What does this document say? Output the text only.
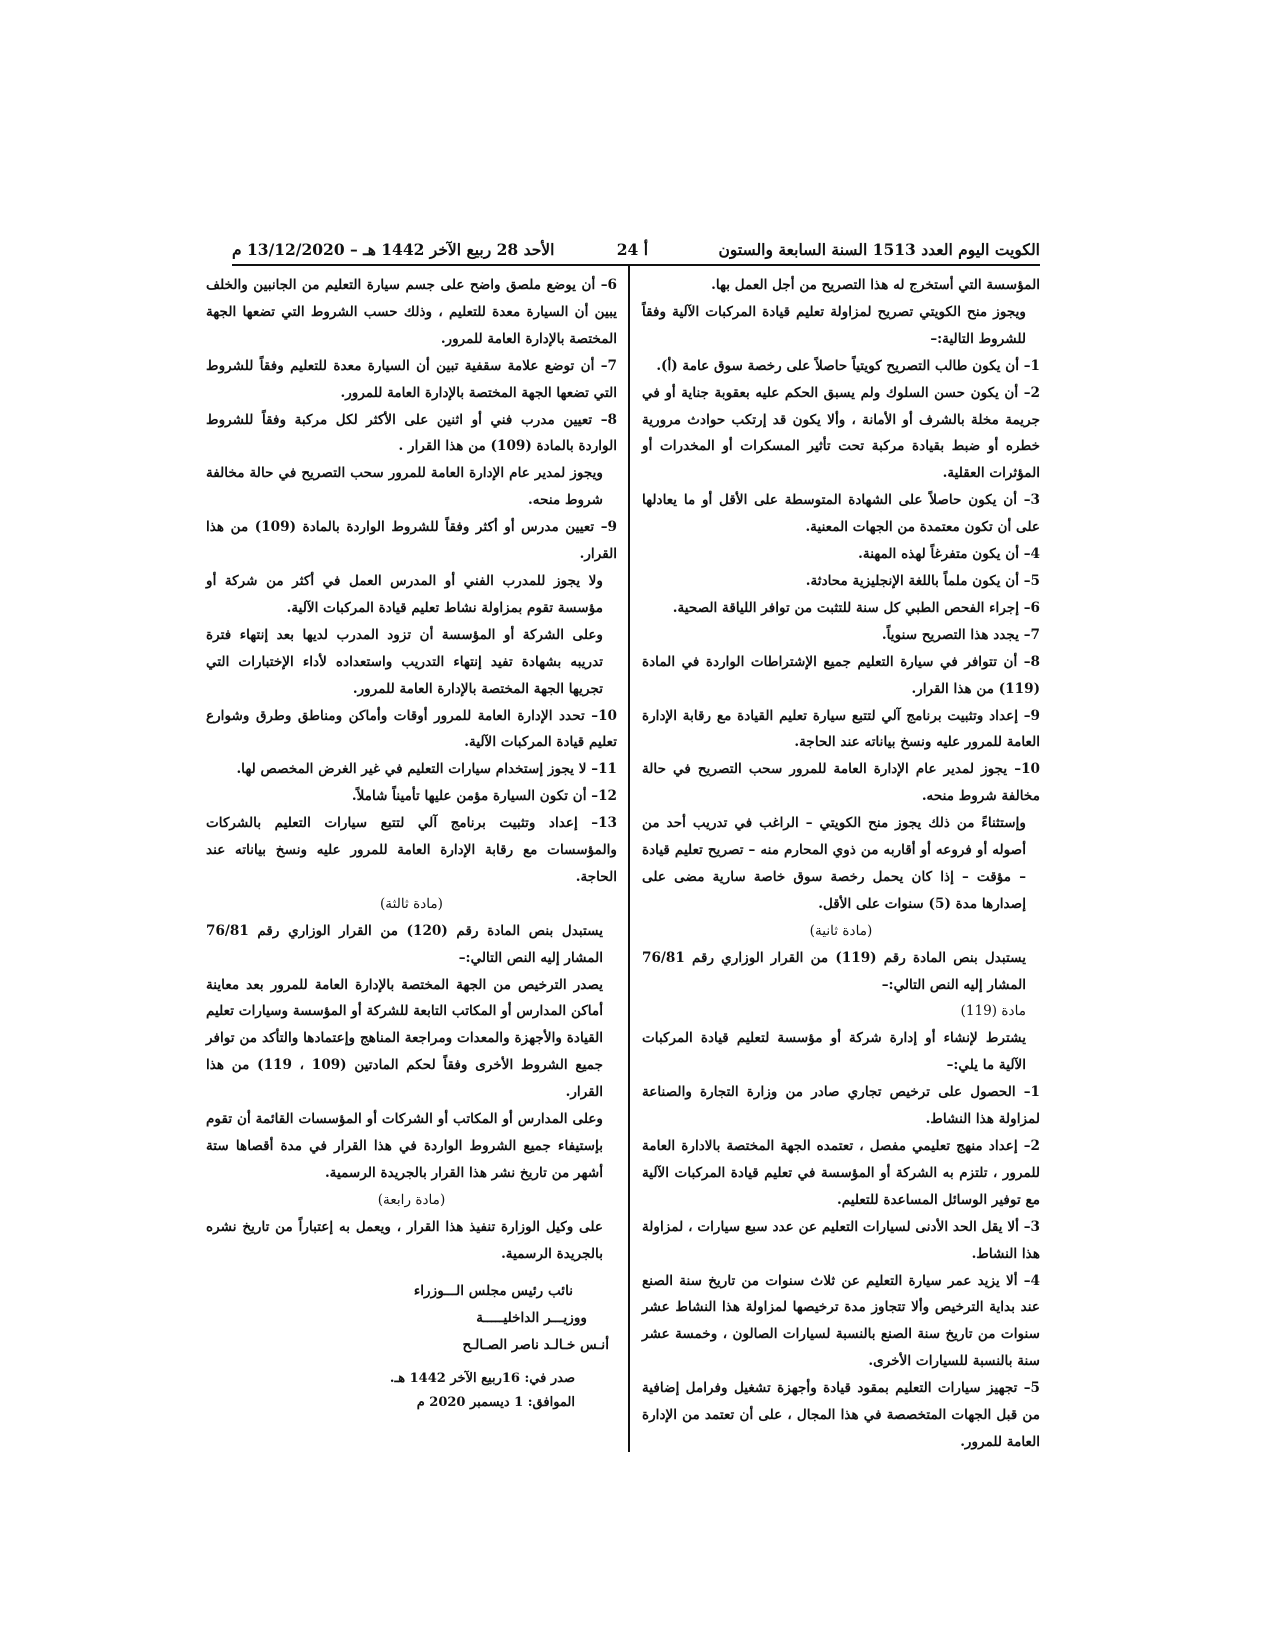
الكويت اليوم العدد 1513 السنة السابعة والستون
أ 24
الأحد 28 ربيع الآخر 1442 هـ – 13/12/2020 م

المؤسسة التي أستخرج له هذا التصريح من أجل العمل بها.

ويجوز منح الكويتي تصريح لمزاولة تعليم قيادة المركبات الآلية وفقاً للشروط التالية:–

1– أن يكون طالب التصريح كويتياً حاصلاً على رخصة سوق عامة (أ).

2– أن يكون حسن السلوك ولم يسبق الحكم عليه بعقوبة جناية أو في جريمة مخلة بالشرف أو الأمانة ، وألا يكون قد إرتكب حوادث مرورية خطره أو ضبط بقيادة مركبة تحت تأثير المسكرات أو المخدرات أو المؤثرات العقلية.

3– أن يكون حاصلاً على الشهادة المتوسطة على الأقل أو ما يعادلها على أن تكون معتمدة من الجهات المعنية.

4– أن يكون متفرغاً لهذه المهنة.

5– أن يكون ملماً باللغة الإنجليزية محادثة.

6– إجراء الفحص الطبي كل سنة للتثبت من توافر اللياقة الصحية.

7– يجدد هذا التصريح سنوياً.

8– أن تتوافر في سيارة التعليم جميع الإشتراطات الواردة في المادة (119) من هذا القرار.

9– إعداد وتثبيت برنامج آلي لتتبع سيارة تعليم القيادة مع رقابة الإدارة العامة للمرور عليه ونسخ بياناته عند الحاجة.

10– يجوز لمدير عام الإدارة العامة للمرور سحب التصريح في حالة مخالفة شروط منحه.

وإستثناءً من ذلك يجوز منح الكويتي – الراغب في تدريب أحد من أصوله أو فروعه أو أقاربه من ذوي المحارم منه – تصريح تعليم قيادة – مؤقت – إذا كان يحمل رخصة سوق خاصة سارية مضى على إصدارها مدة (5) سنوات على الأقل.

(مادة ثانية)

يستبدل بنص المادة رقم (119) من القرار الوزاري رقم 76/81 المشار إليه النص التالي:–

مادة (119)

يشترط لإنشاء أو إدارة شركة أو مؤسسة لتعليم قيادة المركبات الآلية ما يلي:–

1– الحصول على ترخيص تجاري صادر من وزارة التجارة والصناعة لمزاولة هذا النشاط.

2– إعداد منهج تعليمي مفصل ، تعتمده الجهة المختصة بالادارة العامة للمرور ، تلتزم به الشركة أو المؤسسة في تعليم قيادة المركبات الآلية مع توفير الوسائل المساعدة للتعليم.

3– ألا يقل الحد الأدنى لسيارات التعليم عن عدد سبع سيارات ، لمزاولة هذا النشاط.

4– ألا يزيد عمر سيارة التعليم عن ثلاث سنوات من تاريخ سنة الصنع عند بداية الترخيص وألا تتجاوز مدة ترخيصها لمزاولة هذا النشاط عشر سنوات من تاريخ سنة الصنع بالنسبة لسيارات الصالون ، وخمسة عشر سنة بالنسبة للسيارات الأخرى.

5– تجهيز سيارات التعليم بمقود قيادة وأجهزة تشغيل وفرامل إضافية من قبل الجهات المتخصصة في هذا المجال ، على أن تعتمد من الإدارة العامة للمرور.

6– أن يوضع ملصق واضح على جسم سيارة التعليم من الجانبين والخلف يبين أن السيارة معدة للتعليم ، وذلك حسب الشروط التي تضعها الجهة المختصة بالإدارة العامة للمرور.

7– أن توضع علامة سقفية تبين أن السيارة معدة للتعليم وفقاً للشروط التي تضعها الجهة المختصة بالإدارة العامة للمرور.

8– تعيين مدرب فني أو اثنين على الأكثر لكل مركبة وفقاً للشروط الواردة بالمادة (109) من هذا القرار .

ويجوز لمدير عام الإدارة العامة للمرور سحب التصريح في حالة مخالفة شروط منحه.

9– تعيين مدرس أو أكثر وفقاً للشروط الواردة بالمادة (109) من هذا القرار.

ولا يجوز للمدرب الفني أو المدرس العمل في أكثر من شركة أو مؤسسة تقوم بمزاولة نشاط تعليم قيادة المركبات الآلية.

وعلى الشركة أو المؤسسة أن تزود المدرب لديها بعد إنتهاء فترة تدريبه بشهادة تفيد إنتهاء التدريب واستعداده لأداء الإختبارات التي تجريها الجهة المختصة بالإدارة العامة للمرور.

10– تحدد الإدارة العامة للمرور أوقات وأماكن ومناطق وطرق وشوارع تعليم قيادة المركبات الآلية.

11– لا يجوز إستخدام سيارات التعليم في غير الغرض المخصص لها.

12– أن تكون السيارة مؤمن عليها تأميناً شاملاً.

13– إعداد وتثبيت برنامج آلي لتتبع سيارات التعليم بالشركات والمؤسسات مع رقابة الإدارة العامة للمرور عليه ونسخ بياناته عند الحاجة.

(مادة ثالثة)

يستبدل بنص المادة رقم (120) من القرار الوزاري رقم 76/81 المشار إليه النص التالي:–

يصدر الترخيص من الجهة المختصة بالإدارة العامة للمرور بعد معاينة أماكن المدارس أو المكاتب التابعة للشركة أو المؤسسة وسيارات تعليم القيادة والأجهزة والمعدات ومراجعة المناهج وإعتمادها والتأكد من توافر جميع الشروط الأخرى وفقاً لحكم المادتين (109 ، 119) من هذا القرار.

وعلى المدارس أو المكاتب أو الشركات أو المؤسسات القائمة أن تقوم بإستيفاء جميع الشروط الواردة في هذا القرار في مدة أقصاها ستة أشهر من تاريخ نشر هذا القرار بالجريدة الرسمية.

(مادة رابعة)

على وكيل الوزارة تنفيذ هذا القرار ، ويعمل به إعتباراً من تاريخ نشره بالجريدة الرسمية.

نائب رئيس مجلس الـــوزراء

ووزيـــر الداخليـــــة

أنـس خـالـد ناصر الصـالـح

صدر في: 16ربيع الآخر 1442 هـ.

الموافق: 1 ديسمبر 2020 م
